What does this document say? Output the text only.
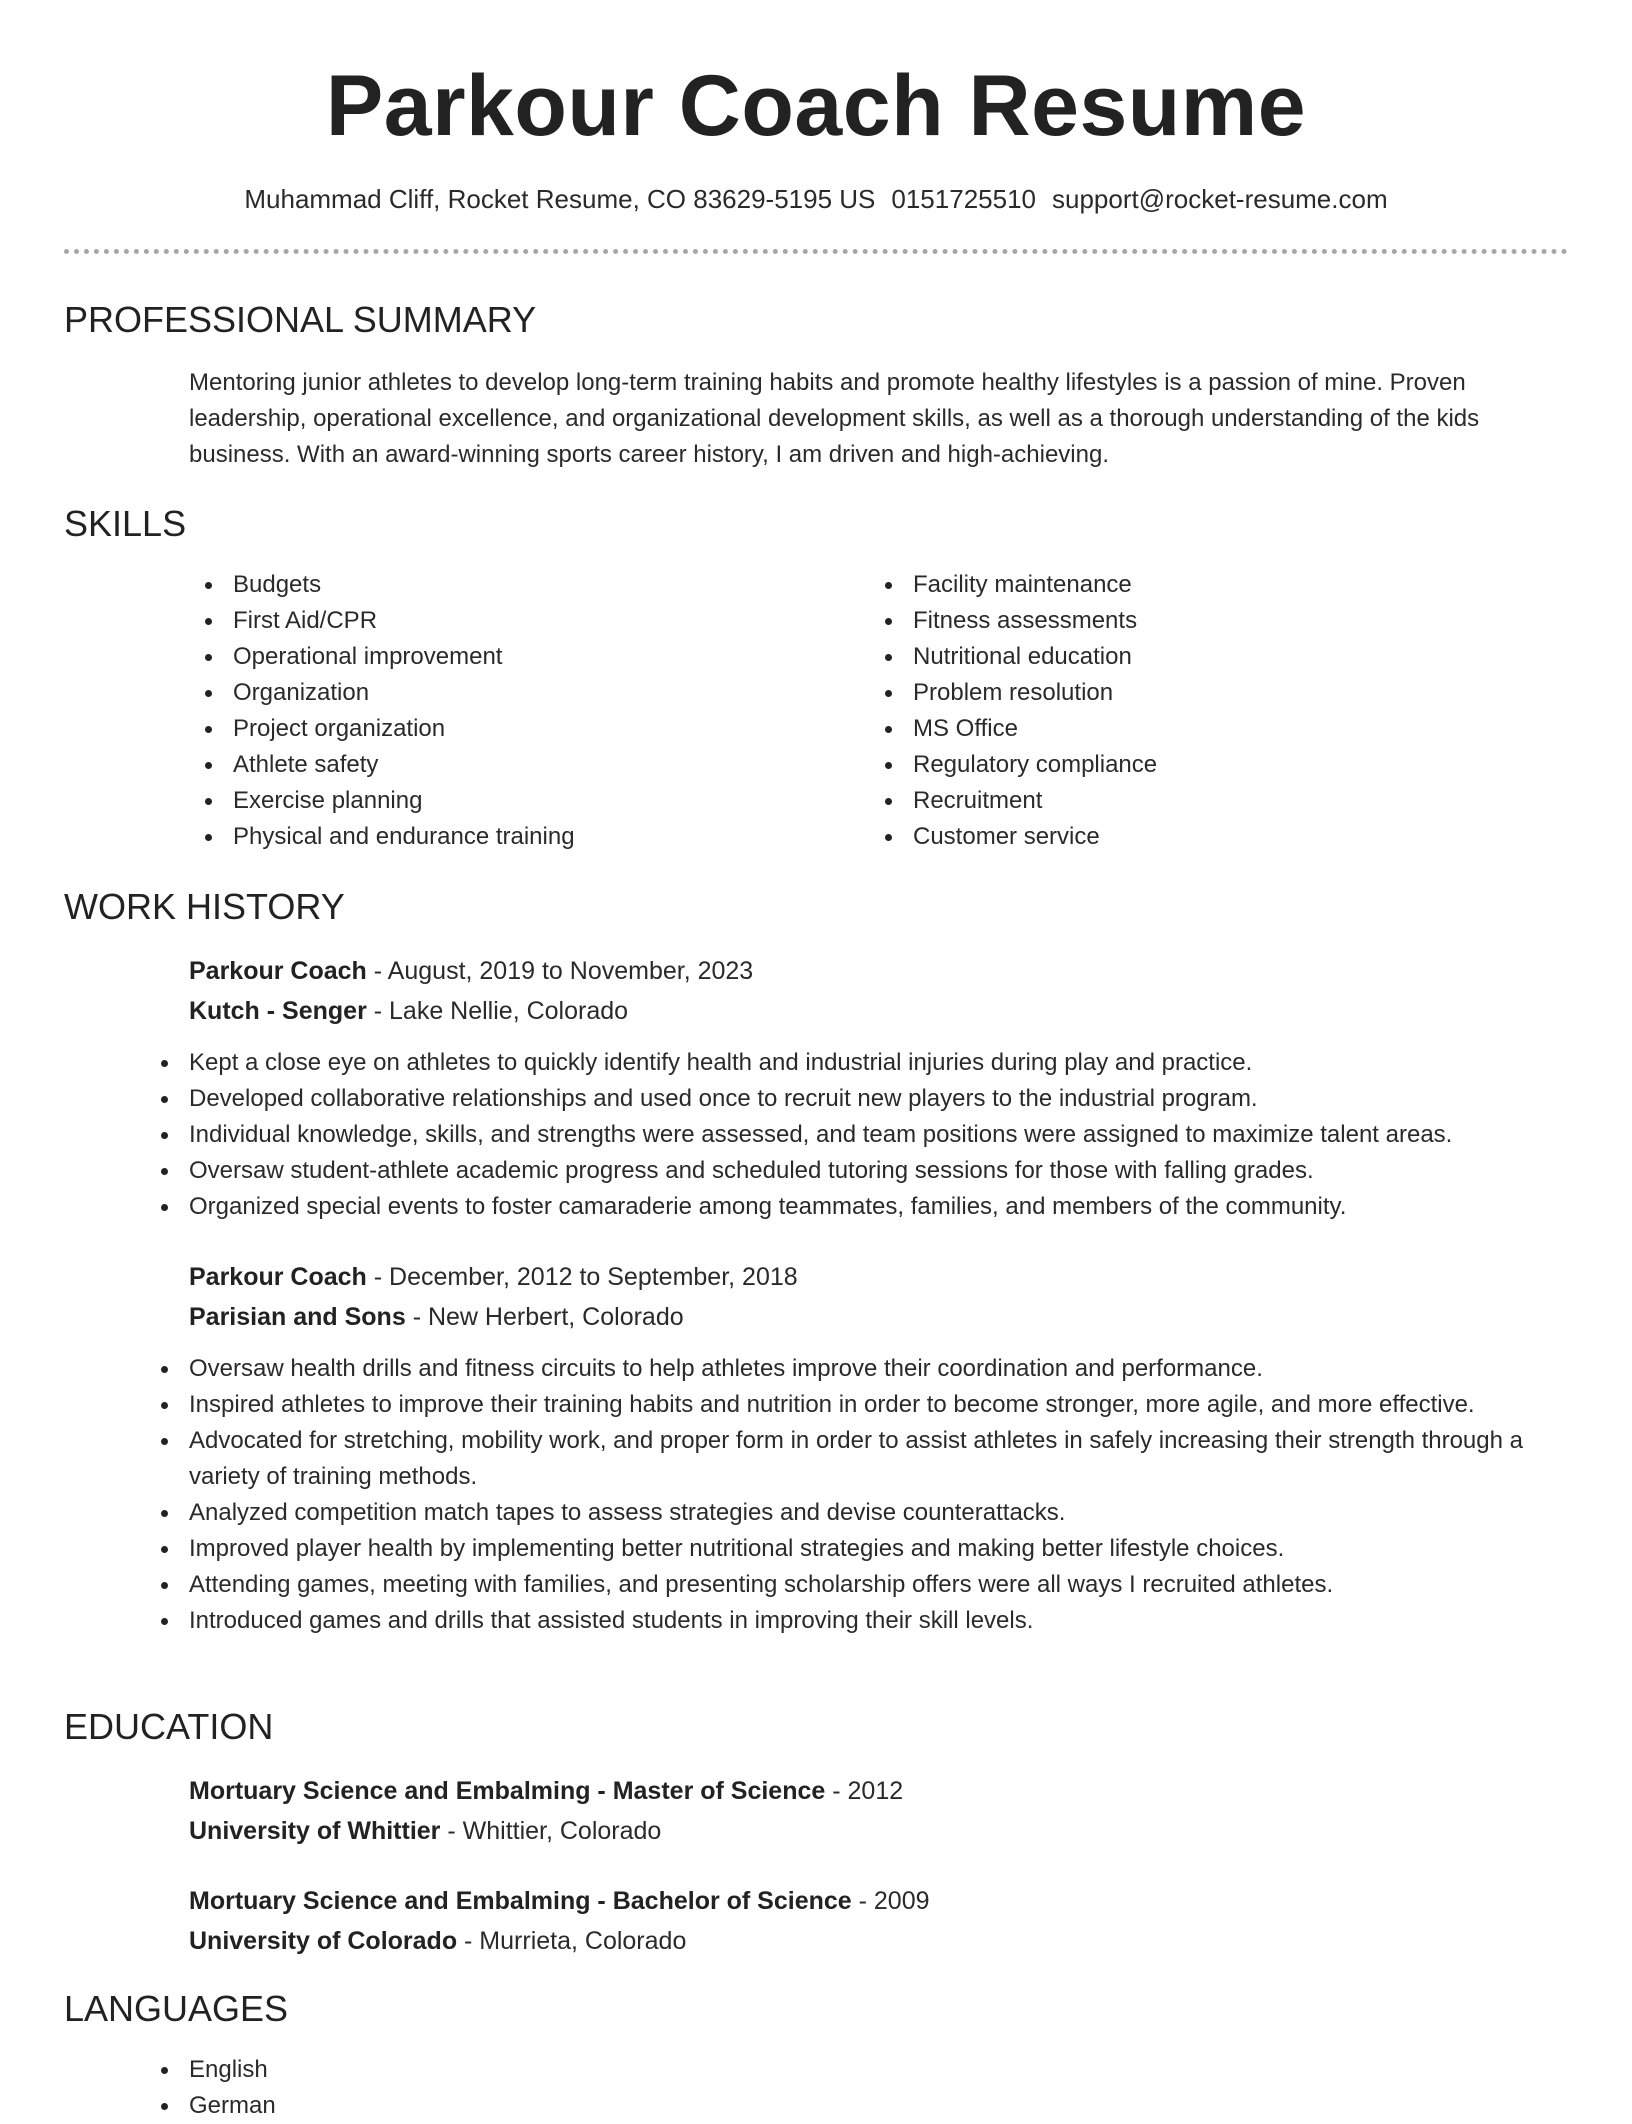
Parkour Coach Resume
Muhammad Cliff, Rocket Resume, CO 83629-5195 US 0151725510 support@rocket-resume.com
PROFESSIONAL SUMMARY

Mentoring junior athletes to develop long-term training habits and promote healthy lifestyles is a passion of mine. Proven leadership, operational excellence, and organizational development skills, as well as a thorough understanding of the kids business. With an award-winning sports career history, I am driven and high-achieving.

SKILLS
Budgets
First Aid/CPR
Operational improvement
Organization
Project organization
Athlete safety
Exercise planning
Physical and endurance training
Facility maintenance
Fitness assessments
Nutritional education
Problem resolution
MS Office
Regulatory compliance
Recruitment
Customer service
WORK HISTORY
Parkour Coach - August, 2019 to November, 2023
Kutch - Senger - Lake Nellie, Colorado
Kept a close eye on athletes to quickly identify health and industrial injuries during play and practice.
Developed collaborative relationships and used once to recruit new players to the industrial program.
Individual knowledge, skills, and strengths were assessed, and team positions were assigned to maximize talent areas.
Oversaw student-athlete academic progress and scheduled tutoring sessions for those with falling grades.
Organized special events to foster camaraderie among teammates, families, and members of the community.
Parkour Coach - December, 2012 to September, 2018
Parisian and Sons - New Herbert, Colorado
Oversaw health drills and fitness circuits to help athletes improve their coordination and performance.
Inspired athletes to improve their training habits and nutrition in order to become stronger, more agile, and more effective.
Advocated for stretching, mobility work, and proper form in order to assist athletes in safely increasing their strength through a variety of training methods.
Analyzed competition match tapes to assess strategies and devise counterattacks.
Improved player health by implementing better nutritional strategies and making better lifestyle choices.
Attending games, meeting with families, and presenting scholarship offers were all ways I recruited athletes.
Introduced games and drills that assisted students in improving their skill levels.
EDUCATION
Mortuary Science and Embalming - Master of Science - 2012
University of Whittier - Whittier, Colorado
Mortuary Science and Embalming - Bachelor of Science - 2009
University of Colorado - Murrieta, Colorado
LANGUAGES
English
German
